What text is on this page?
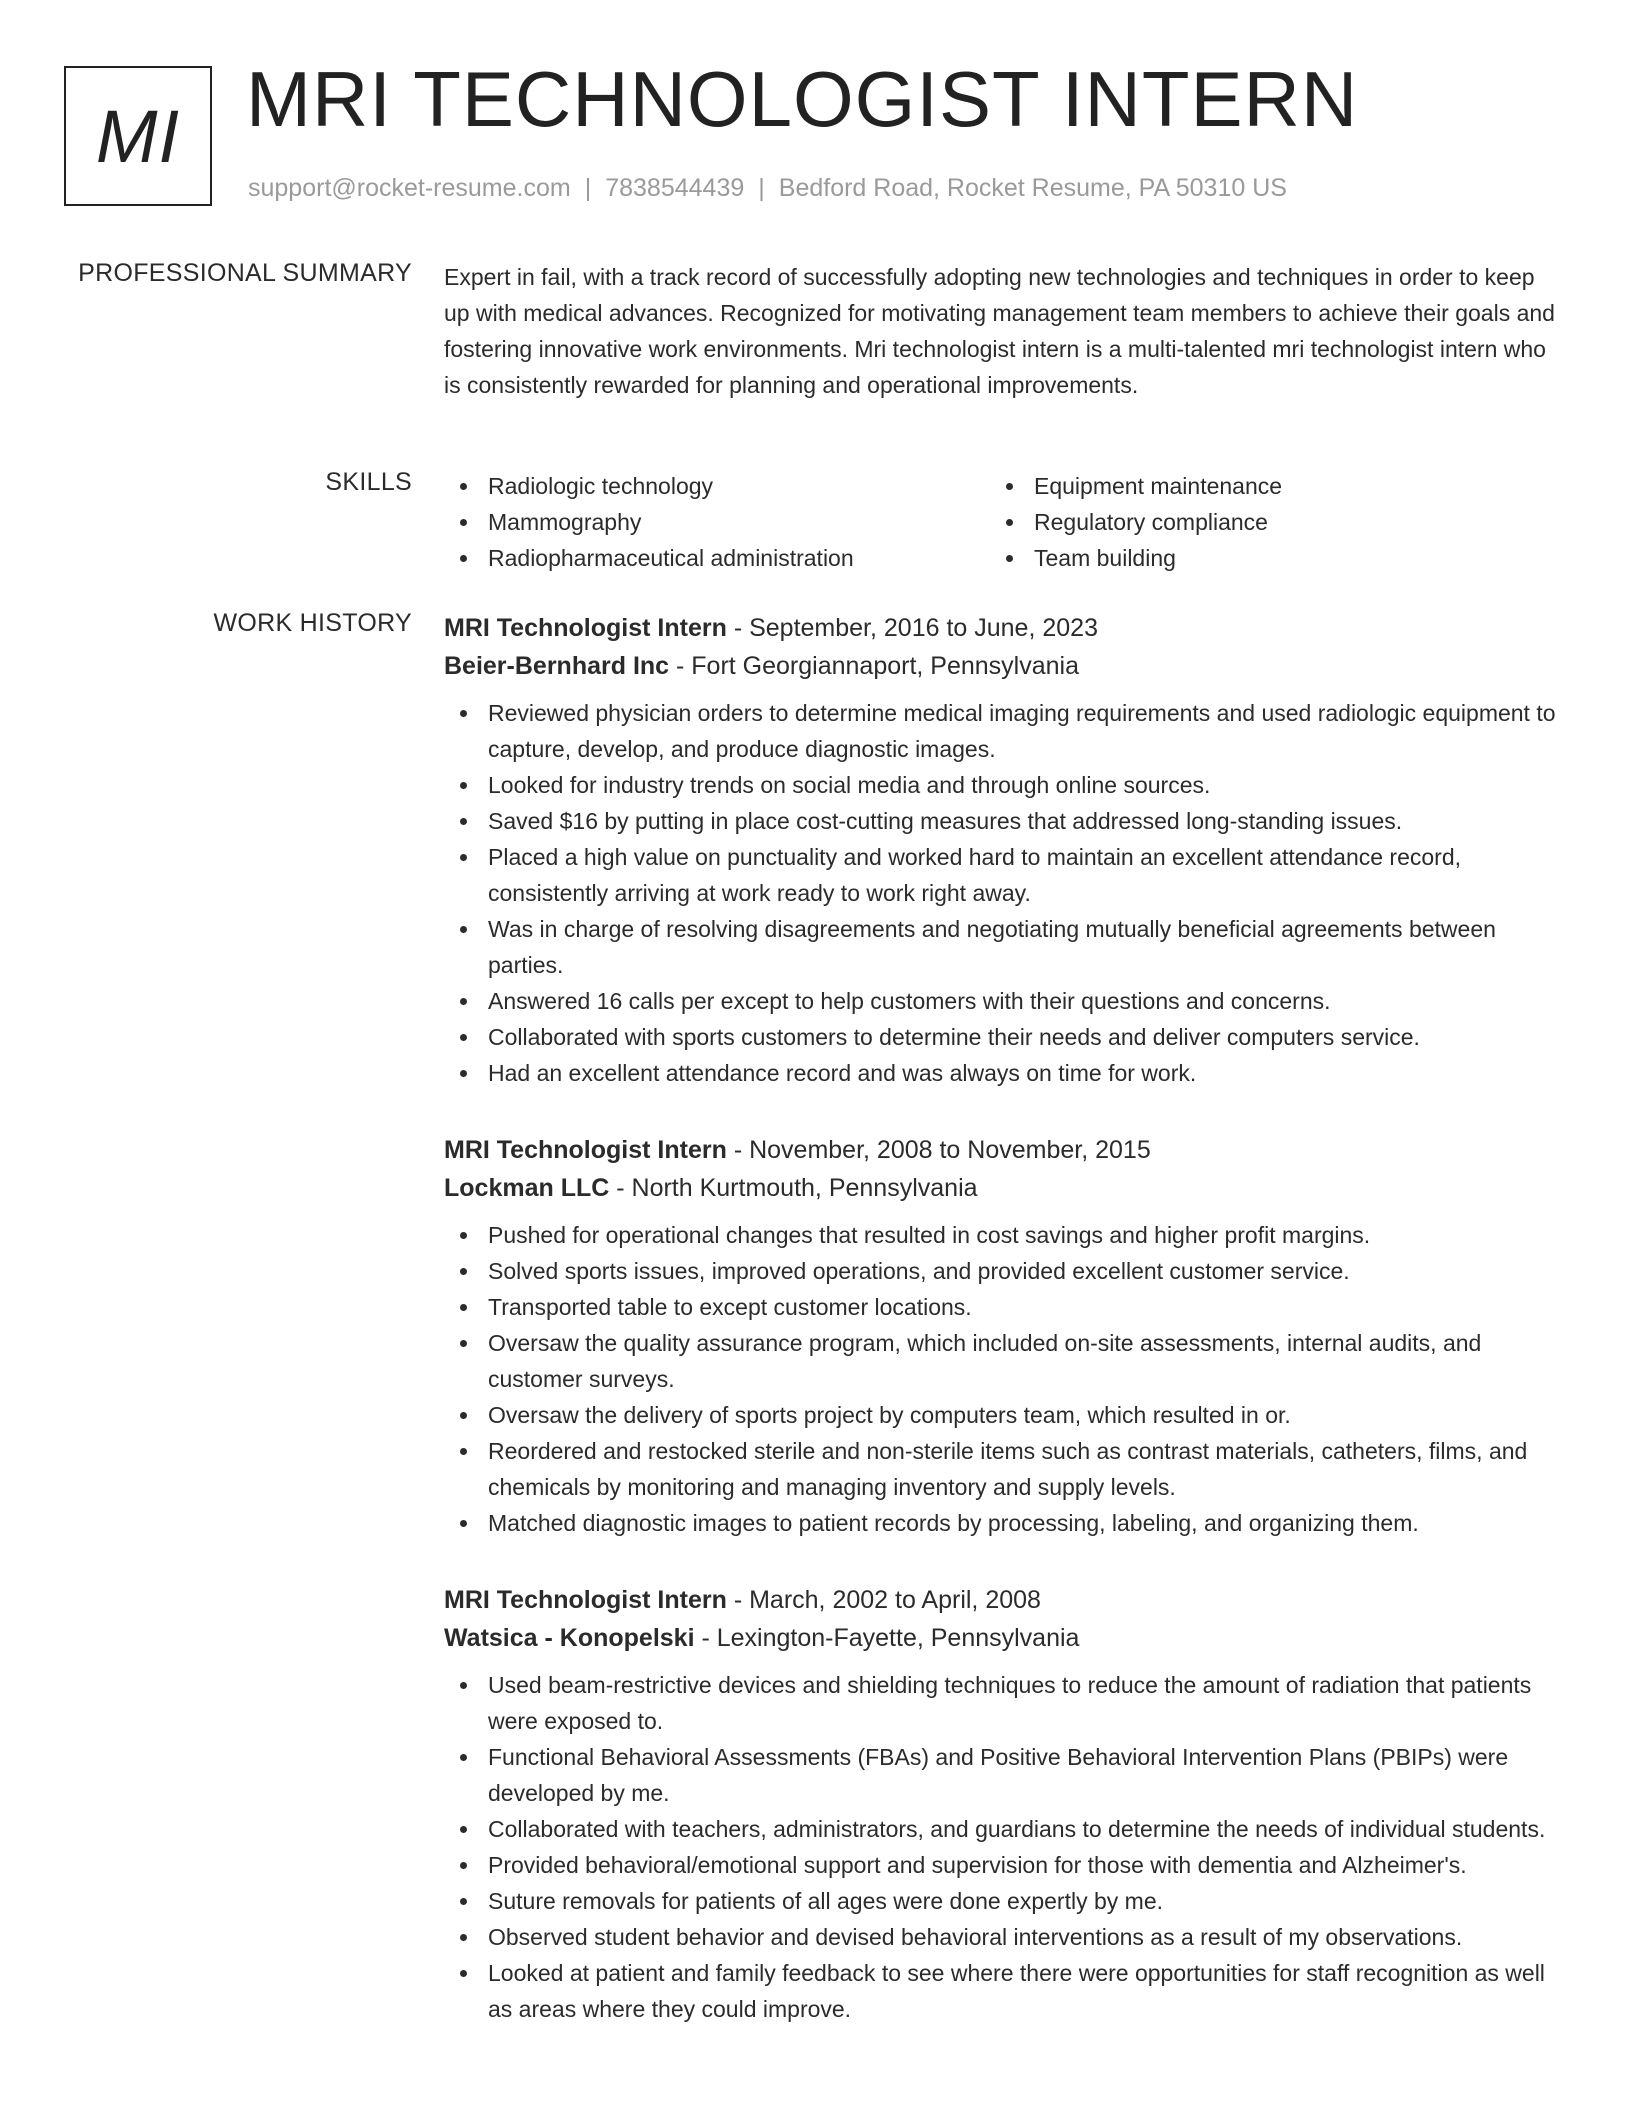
MI MRI TECHNOLOGIST INTERN
support@rocket-resume.com | 7838544439 | Bedford Road, Rocket Resume, PA 50310 US
PROFESSIONAL SUMMARY Expert in fail, with a track record of successfully adopting new technologies and techniques in order to keep up with medical advances. Recognized for motivating management team members to achieve their goals and fostering innovative work environments. Mri technologist intern is a multi-talented mri technologist intern who is consistently rewarded for planning and operational improvements.

SKILLS	Radiologic technology	Equipment maintenance
Mammography	Regulatory compliance
Radiopharmaceutical administration	Team building
WORK HISTORY MRI Technologist Intern - September, 2016 to June, 2023
Beier-Bernhard Inc - Fort Georgiannaport, Pennsylvania
Reviewed physician orders to determine medical imaging requirements and used radiologic equipment to capture, develop, and produce diagnostic images.
Looked for industry trends on social media and through online sources.
Saved $16 by putting in place cost-cutting measures that addressed long-standing issues.
Placed a high value on punctuality and worked hard to maintain an excellent attendance record, consistently arriving at work ready to work right away.
Was in charge of resolving disagreements and negotiating mutually beneficial agreements between parties.
Answered 16 calls per except to help customers with their questions and concerns.
Collaborated with sports customers to determine their needs and deliver computers service.
Had an excellent attendance record and was always on time for work.
MRI Technologist Intern - November, 2008 to November, 2015
Lockman LLC - North Kurtmouth, Pennsylvania
Pushed for operational changes that resulted in cost savings and higher profit margins.
Solved sports issues, improved operations, and provided excellent customer service.
Transported table to except customer locations.
Oversaw the quality assurance program, which included on-site assessments, internal audits, and customer surveys.
Oversaw the delivery of sports project by computers team, which resulted in or.
Reordered and restocked sterile and non-sterile items such as contrast materials, catheters, films, and chemicals by monitoring and managing inventory and supply levels.
Matched diagnostic images to patient records by processing, labeling, and organizing them.
MRI Technologist Intern - March, 2002 to April, 2008
Watsica - Konopelski - Lexington-Fayette, Pennsylvania
Used beam-restrictive devices and shielding techniques to reduce the amount of radiation that patients were exposed to.
Functional Behavioral Assessments (FBAs) and Positive Behavioral Intervention Plans (PBIPs) were developed by me.
Collaborated with teachers, administrators, and guardians to determine the needs of individual students.
Provided behavioral/emotional support and supervision for those with dementia and Alzheimer's.
Suture removals for patients of all ages were done expertly by me.
Observed student behavior and devised behavioral interventions as a result of my observations.
Looked at patient and family feedback to see where there were opportunities for staff recognition as well as areas where they could improve.
